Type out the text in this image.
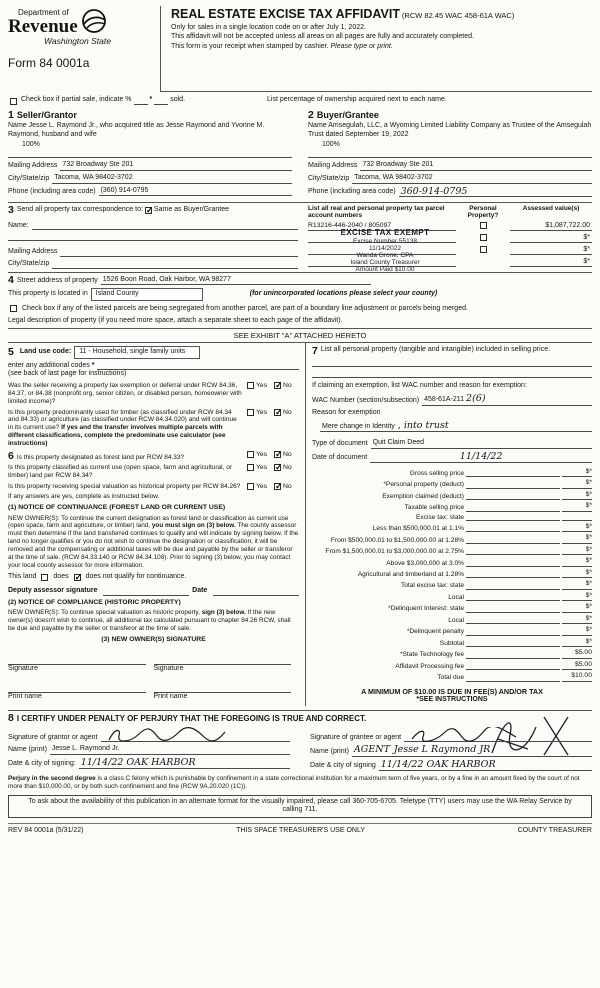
Department of
Revenue
Washington State
Form 84 0001a
REAL ESTATE EXCISE TAX AFFIDAVIT (RCW 82.45 WAC 458-61A WAC)
Only for sales in a single location code on or after July 1, 2022.
This affidavit will not be accepted unless all areas on all pages are fully and accurately completed.
This form is your receipt when stamped by cashier. Please type or print.
Check box if partial sale, indicate %	*	sold.	List percentage of ownership acquired next to each name.
1 Seller/Grantor
Name Jesse L. Raymond Jr., who acquired title as Jesse Raymond and Yvonne M. Raymond, husband and wife
100%
Mailing Address 732 Broadway Ste 201
City/State/zip Tacoma, WA 98402-3702
Phone (including area code) (360) 914-0795
2 Buyer/Grantee
Name Amsegulah, LLC, a Wyoming Limited Liability Company as Trustee of the Amsegulah Trust dated September 19, 2022
100%
Mailing Address 732 Broadway Ste 201
City/State/zip Tacoma, WA 98402-3702
Phone (including area code) 360-914-0795
3 Send all property tax correspondence to: ✓ Same as Buyer/Grantee
Name:
Mailing Address
City/State/zip
List all real and personal property tax parcel account numbers
Personal Property?
Assessed value(s)
R13216-446-2040 / 805097	$1,087,722.00
$*
$*
$*
EXCISE TAX EXEMPT
Excise Number 55138
11/14/2022
Wanda Grone, CPA
Island County Treasurer
Amount Paid $10.00
4 Street address of property 1526 Boon Road, Oak Harbor, WA 98277
This property is located in	Island County	(for unincorporated locations please select your county)
Check box if any of the listed parcels are being segregated from another parcel, are part of a boundary line adjustment or parcels being merged.
Legal description of property (if you need more space, attach a separate sheet to each page of the affidavit).
SEE EXHIBIT "A" ATTACHED HERETO
5 Land use code:	11 - Household, single family units
enter any additional codes *
(see back of last page for instructions)
Was the seller receiving a property tax exemption or deferral under RCW 84.36, 84.37, or 84.38 (nonprofit org, senior citizen, or disabled person, homeowner with limited income)?
Yes ✓ No
Is this property predominantly used for timber (as classified under RCW 84.34 and 84.33) or agriculture (as classified under RCW 84.34.020) and will continue in its current use? If yes and the transfer involves multiple parcels with different classifications, complete the predominate use calculator (see instructions)
Yes ✓ No
6 Is this property designated as forest land per RCW 84.33?	Yes ✓ No
Is this property classified as current use (open space, farm and agricultural, or timber) land per RCW 84.34?
Yes ✓ No
Is this property receiving special valuation as historical property per RCW 84.26?	Yes ✓ No
If any answers are yes, complete as instructed below.
(1) NOTICE OF CONTINUANCE (FOREST LAND OR CURRENT USE)
NEW OWNER(S): To continue the current designation as forest land or classification as current use (open space, farm and agriculture, or timber) land, you must sign on (3) below. The county assessor must then determine if the land transferred continues to qualify and will indicate by signing below. If the land no longer qualifies or you do not wish to continue the designation or classification, it will be removed and the compensating or additional taxes will be due and payable by the seller or transferor at the time of sale. (RCW 84.33.140 or RCW 84.34.108). Prior to signing (3) below, you may contact your local county assessor for more information.
This land does ✓ does not qualify for continuance.
Deputy assessor signature	Date
(2) NOTICE OF COMPLIANCE (HISTORIC PROPERTY)
NEW OWNER(S): To continue special valuation as historic property, sign (3) below. If the new owner(s) doesn't wish to continue, all additional tax calculated pursuant to chapter 84.26 RCW, shall be due and payable by the seller or transferor at the time of sale.
(3) NEW OWNER(S) SIGNATURE
Signature	Signature
Print name	Print name
7 List all personal property (tangible and intangible) included in selling price.
If claiming an exemption, list WAC number and reason for exemption:
WAC Number (section/subsection) 458-61A-211 2(6)
Reason for exemption
Mere change in Identity , into trust
Type of document Quit Claim Deed
Date of document	11/14/22
Gross selling price	$*
*Personal property (deduct)	$*
Exemption claimed (deduct)	$*
Taxable selling price	$*
Excise tax: state
Less than $500,000.01 at 1.1%	$*
From $500,000.01 to $1,500,000.00 at 1.28%	$*
From $1,500,000.01 to $3,000,000.00 at 2.75%	$*
Above $3,000,000 at 3.0%	$*
Agricultural and timberland at 1.28%	$*
Total excise tax: state	$*
Local	$*
*Delinquent Interest: state	$*
Local	$*
*Delinquent penalty	$*
Subtotal	$*
*State Technology fee	$5.00
Affidavit Processing fee	$5.00
Total due	$10.00
A MINIMUM OF $10.00 IS DUE IN FEE(S) AND/OR TAX
*SEE INSTRUCTIONS
8 I CERTIFY UNDER PENALTY OF PERJURY THAT THE FOREGOING IS TRUE AND CORRECT.
Signature of grantor or agent
Name (print) Jesse L. Raymond Jr.
Date & city of signing: 11/14/22 OAK HARBOR
Signature of grantee or agent
Name (print) AGENT Jesse L Raymond JR
Date & city of signing 11/14/22 OAK HARBOR
Perjury in the second degree is a class C felony which is punishable by confinement in a state correctional institution for a maximum term of five years, or by a fine in an amount fixed by the court of not more than $10,000.00, or by both such confinement and fine (RCW 9A.20.020 (1C)).
To ask about the availability of this publication in an alternate format for the visually impaired, please call 360-705-6705. Teletype (TTY) users may use the WA Relay Service by calling 711.
REV 84 0001a (5/31/22)	THIS SPACE TREASURER'S USE ONLY	COUNTY TREASURER
